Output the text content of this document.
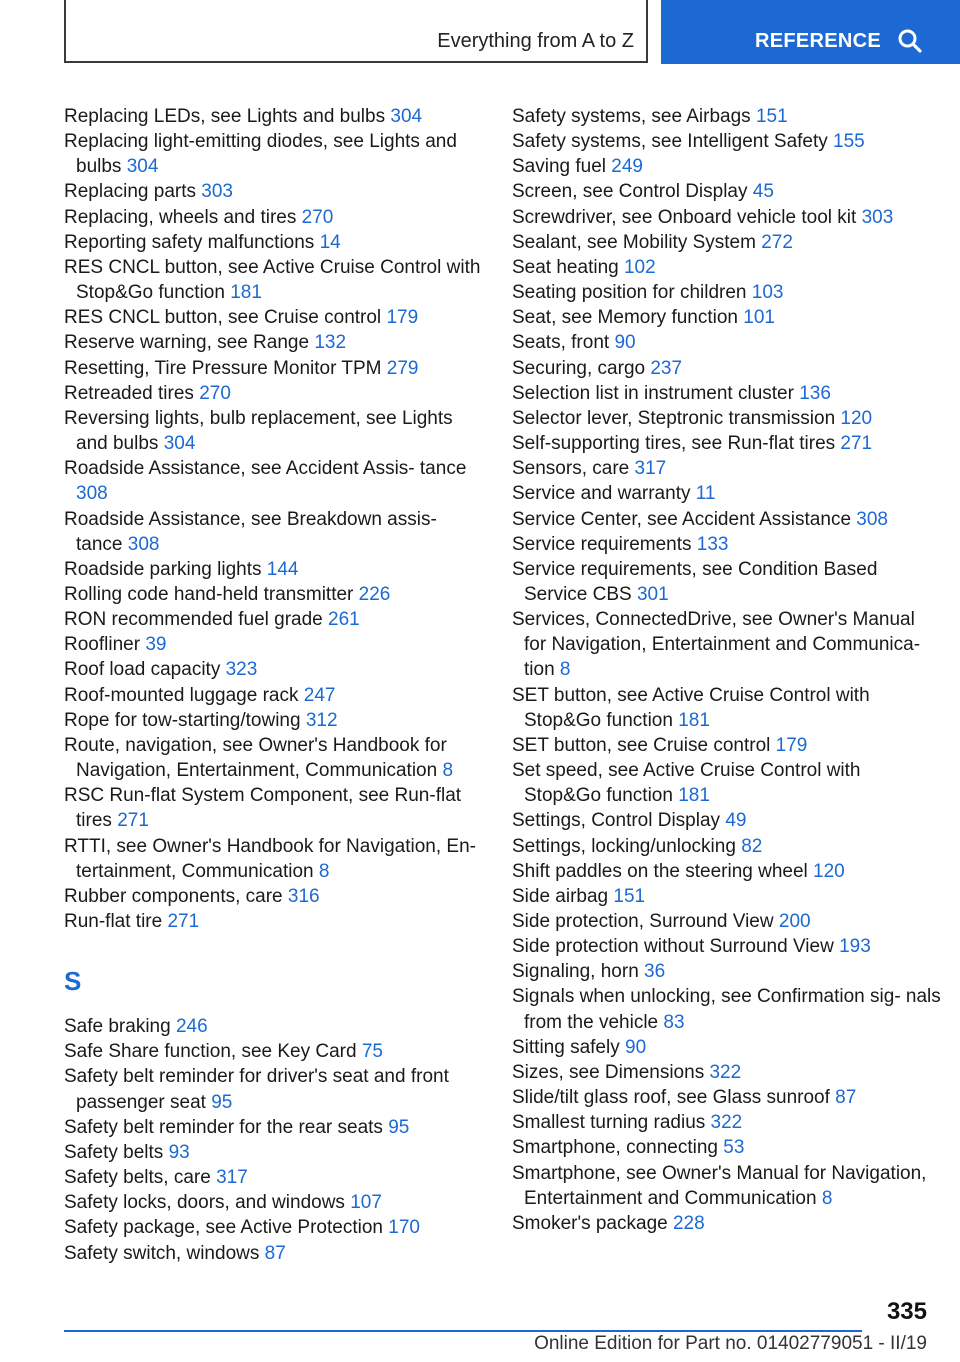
Everything from A to Z	REFERENCE

Replacing LEDs, see Lights and bulbs 304

Replacing light-emitting diodes, see Lights and bulbs 304

Replacing parts 303

Replacing, wheels and tires 270

Reporting safety malfunctions 14

RES CNCL button, see Active Cruise Control with Stop&Go function 181

RES CNCL button, see Cruise control 179

Reserve warning, see Range 132

Resetting, Tire Pressure Monitor TPM 279

Retreaded tires 270

Reversing lights, bulb replacement, see Lights and bulbs 304

Roadside Assistance, see Accident Assis‐ tance 308

Roadside Assistance, see Breakdown assis‐ tance 308

Roadside parking lights 144

Rolling code hand-held transmitter 226

RON recommended fuel grade 261

Roofliner 39

Roof load capacity 323

Roof-mounted luggage rack 247

Rope for tow-starting/towing 312

Route, navigation, see Owner's Handbook for Navigation, Entertainment, Communication 8

RSC Run-flat System Component, see Run-flat tires 271

RTTI, see Owner's Handbook for Navigation, En‐ tertainment, Communication 8

Rubber components, care 316

Run-flat tire 271

S

Safe braking 246

Safe Share function, see Key Card 75

Safety belt reminder for driver's seat and front passenger seat 95

Safety belt reminder for the rear seats 95

Safety belts 93

Safety belts, care 317

Safety locks, doors, and windows 107

Safety package, see Active Protection 170

Safety switch, windows 87

Safety systems, see Airbags 151

Safety systems, see Intelligent Safety 155

Saving fuel 249

Screen, see Control Display 45

Screwdriver, see Onboard vehicle tool kit 303

Sealant, see Mobility System 272

Seat heating 102

Seating position for children 103

Seat, see Memory function 101

Seats, front 90

Securing, cargo 237

Selection list in instrument cluster 136

Selector lever, Steptronic transmission 120

Self-supporting tires, see Run-flat tires 271

Sensors, care 317

Service and warranty 11

Service Center, see Accident Assistance 308

Service requirements 133

Service requirements, see Condition Based Service CBS 301

Services, ConnectedDrive, see Owner's Manual for Navigation, Entertainment and Communica‐ tion 8

SET button, see Active Cruise Control with Stop&Go function 181

SET button, see Cruise control 179

Set speed, see Active Cruise Control with Stop&Go function 181

Settings, Control Display 49

Settings, locking/unlocking 82

Shift paddles on the steering wheel 120

Side airbag 151

Side protection, Surround View 200

Side protection without Surround View 193

Signaling, horn 36

Signals when unlocking, see Confirmation sig‐ nals from the vehicle 83

Sitting safely 90

Sizes, see Dimensions 322

Slide/tilt glass roof, see Glass sunroof 87

Smallest turning radius 322

Smartphone, connecting 53

Smartphone, see Owner's Manual for Navigation, Entertainment and Communication 8

Smoker's package 228

335
Online Edition for Part no. 01402779051 - II/19
